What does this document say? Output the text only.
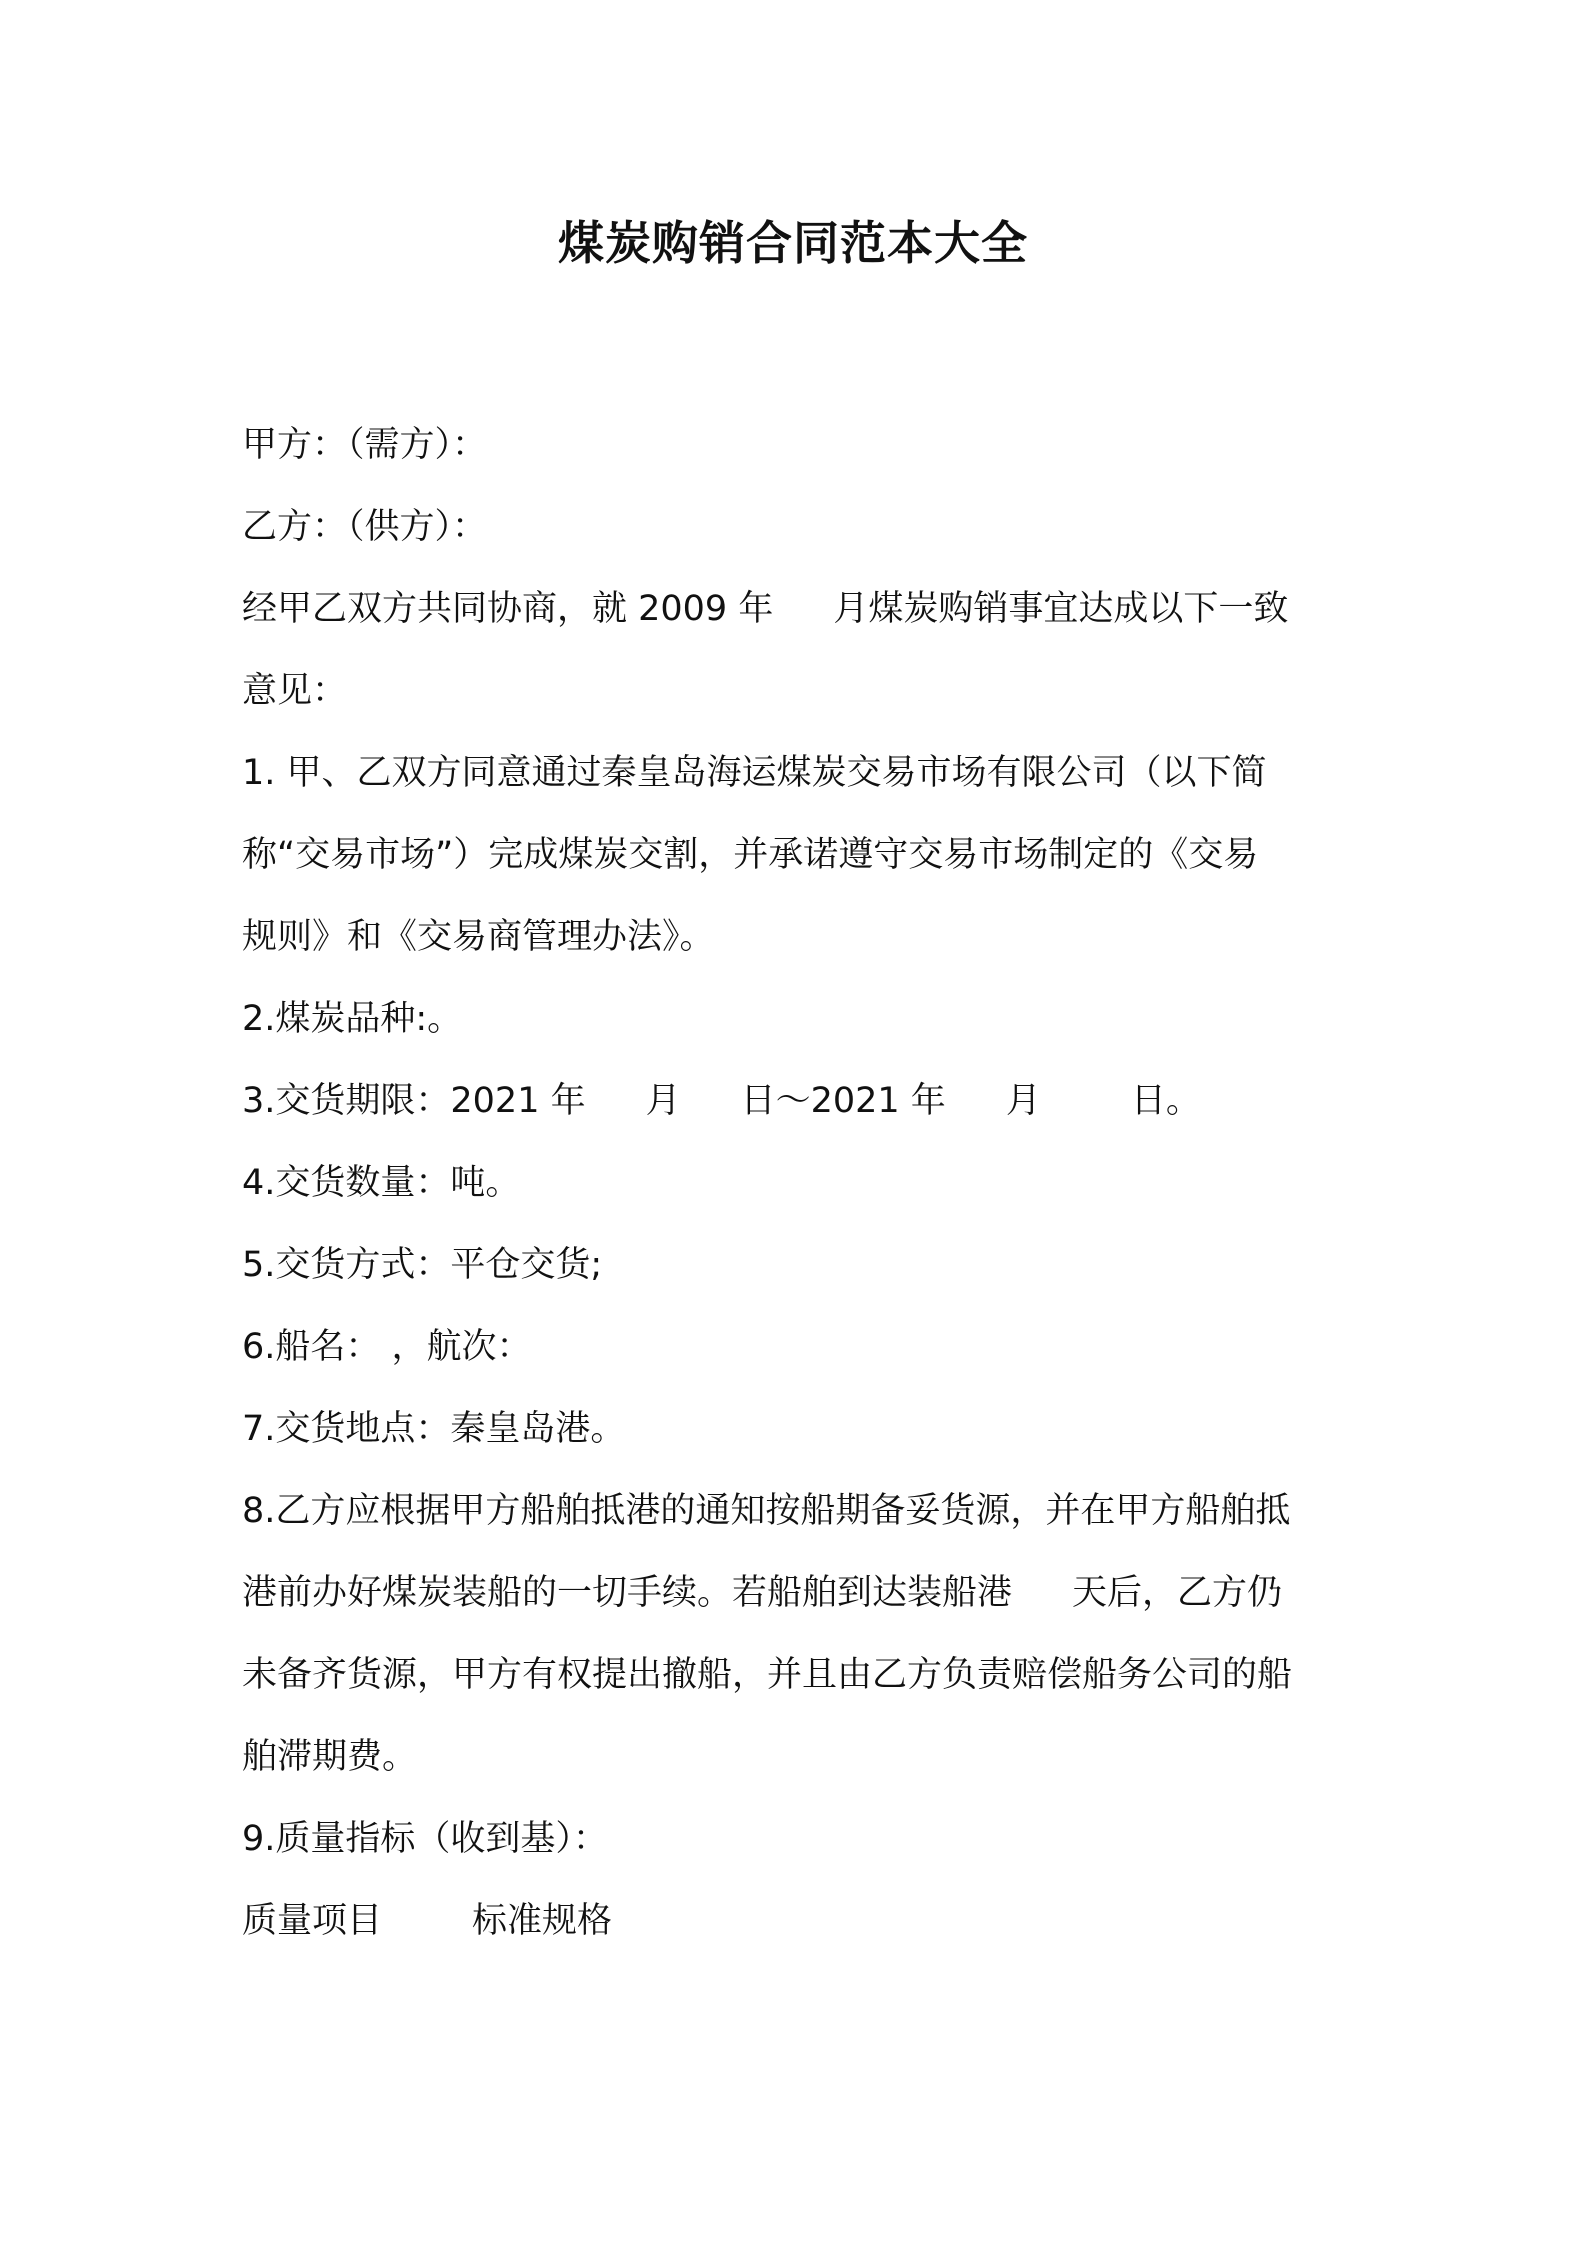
煤炭购销合同范本大全
甲方：（需方）：
乙方：（供方）：
经甲乙双方共同协商，就 2009 年 月煤炭购销事宜达成以下一致
意见：
1. 甲、乙双方同意通过秦皇岛海运煤炭交易市场有限公司（以下简
称“交易市场”）完成煤炭交割，并承诺遵守交易市场制定的《交易
规则》和《交易商管理办法》。
2.煤炭品种:。
3.交货期限：2021 年 月 日～2021 年 月	日。
4.交货数量：吨。
5.交货方式：平仓交货;
6.船名： ，航次：
7.交货地点：秦皇岛港。
8.乙方应根据甲方船舶抵港的通知按船期备妥货源，并在甲方船舶抵
港前办好煤炭装船的一切手续。若船舶到达装船港 天后，乙方仍
未备齐货源，甲方有权提出撤船，并且由乙方负责赔偿船务公司的船
舶滞期费。
9.质量指标（收到基）：
质量项目	标准规格
